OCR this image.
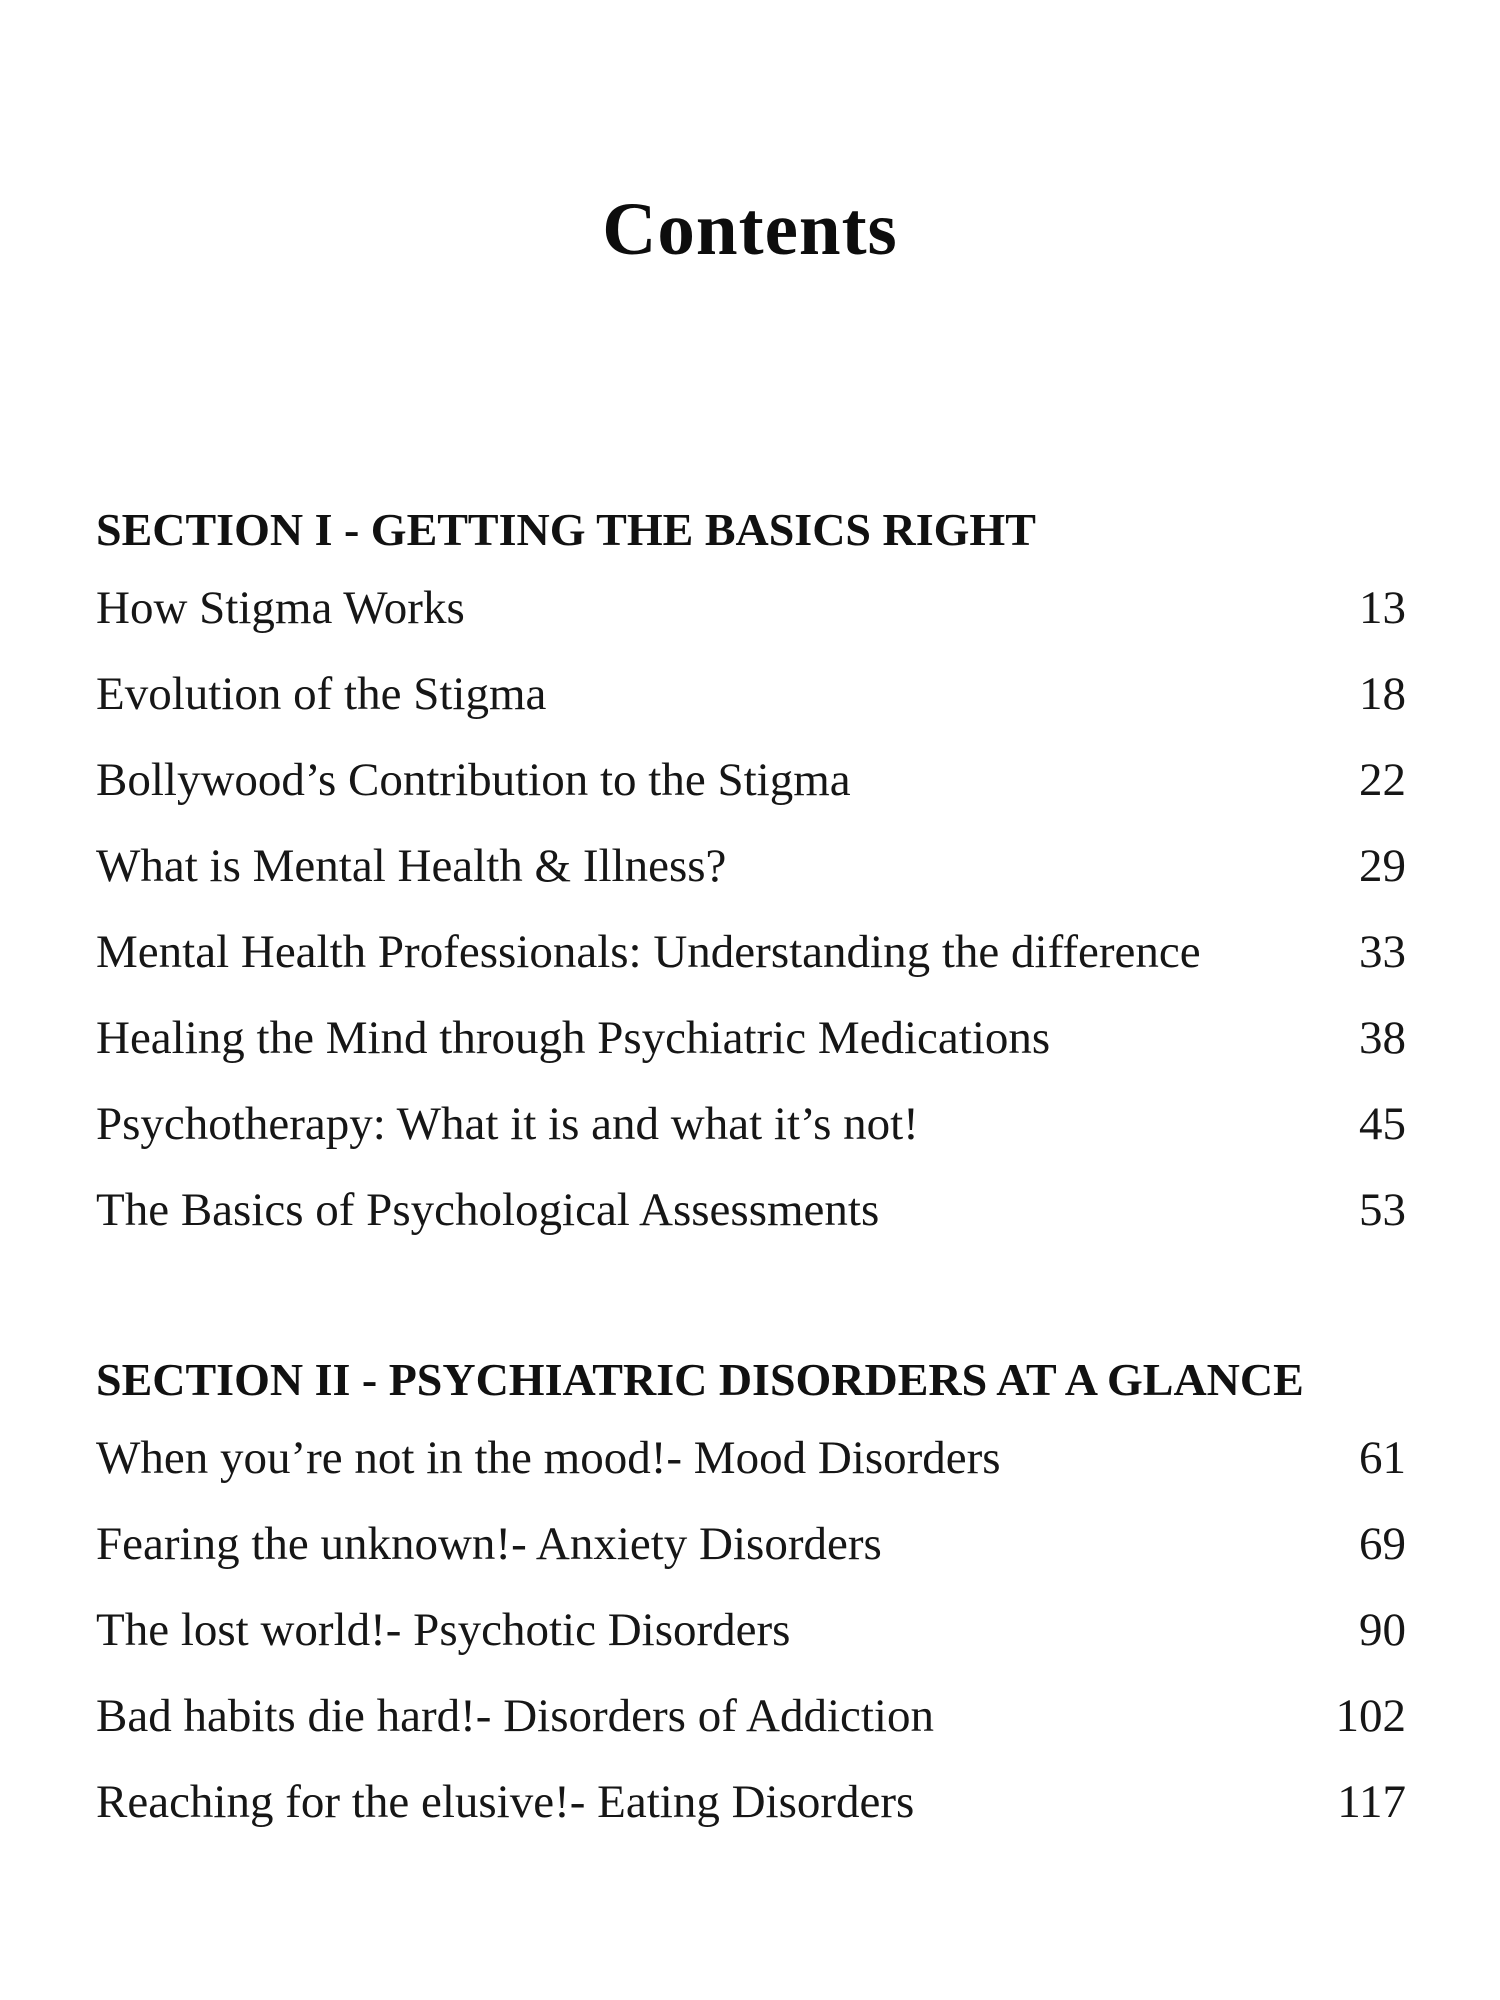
Contents
SECTION I - GETTING THE BASICS RIGHT
How Stigma Works	13
Evolution of the Stigma	18
Bollywood’s Contribution to the Stigma	22
What is Mental Health & Illness?	29
Mental Health Professionals: Understanding the difference	33
Healing the Mind through Psychiatric Medications	38
Psychotherapy: What it is and what it’s not!	45
The Basics of Psychological Assessments	53
SECTION II - PSYCHIATRIC DISORDERS AT A GLANCE
When you’re not in the mood!- Mood Disorders	61
Fearing the unknown!- Anxiety Disorders	69
The lost world!- Psychotic Disorders	90
Bad habits die hard!- Disorders of Addiction	102
Reaching for the elusive!- Eating Disorders	117
